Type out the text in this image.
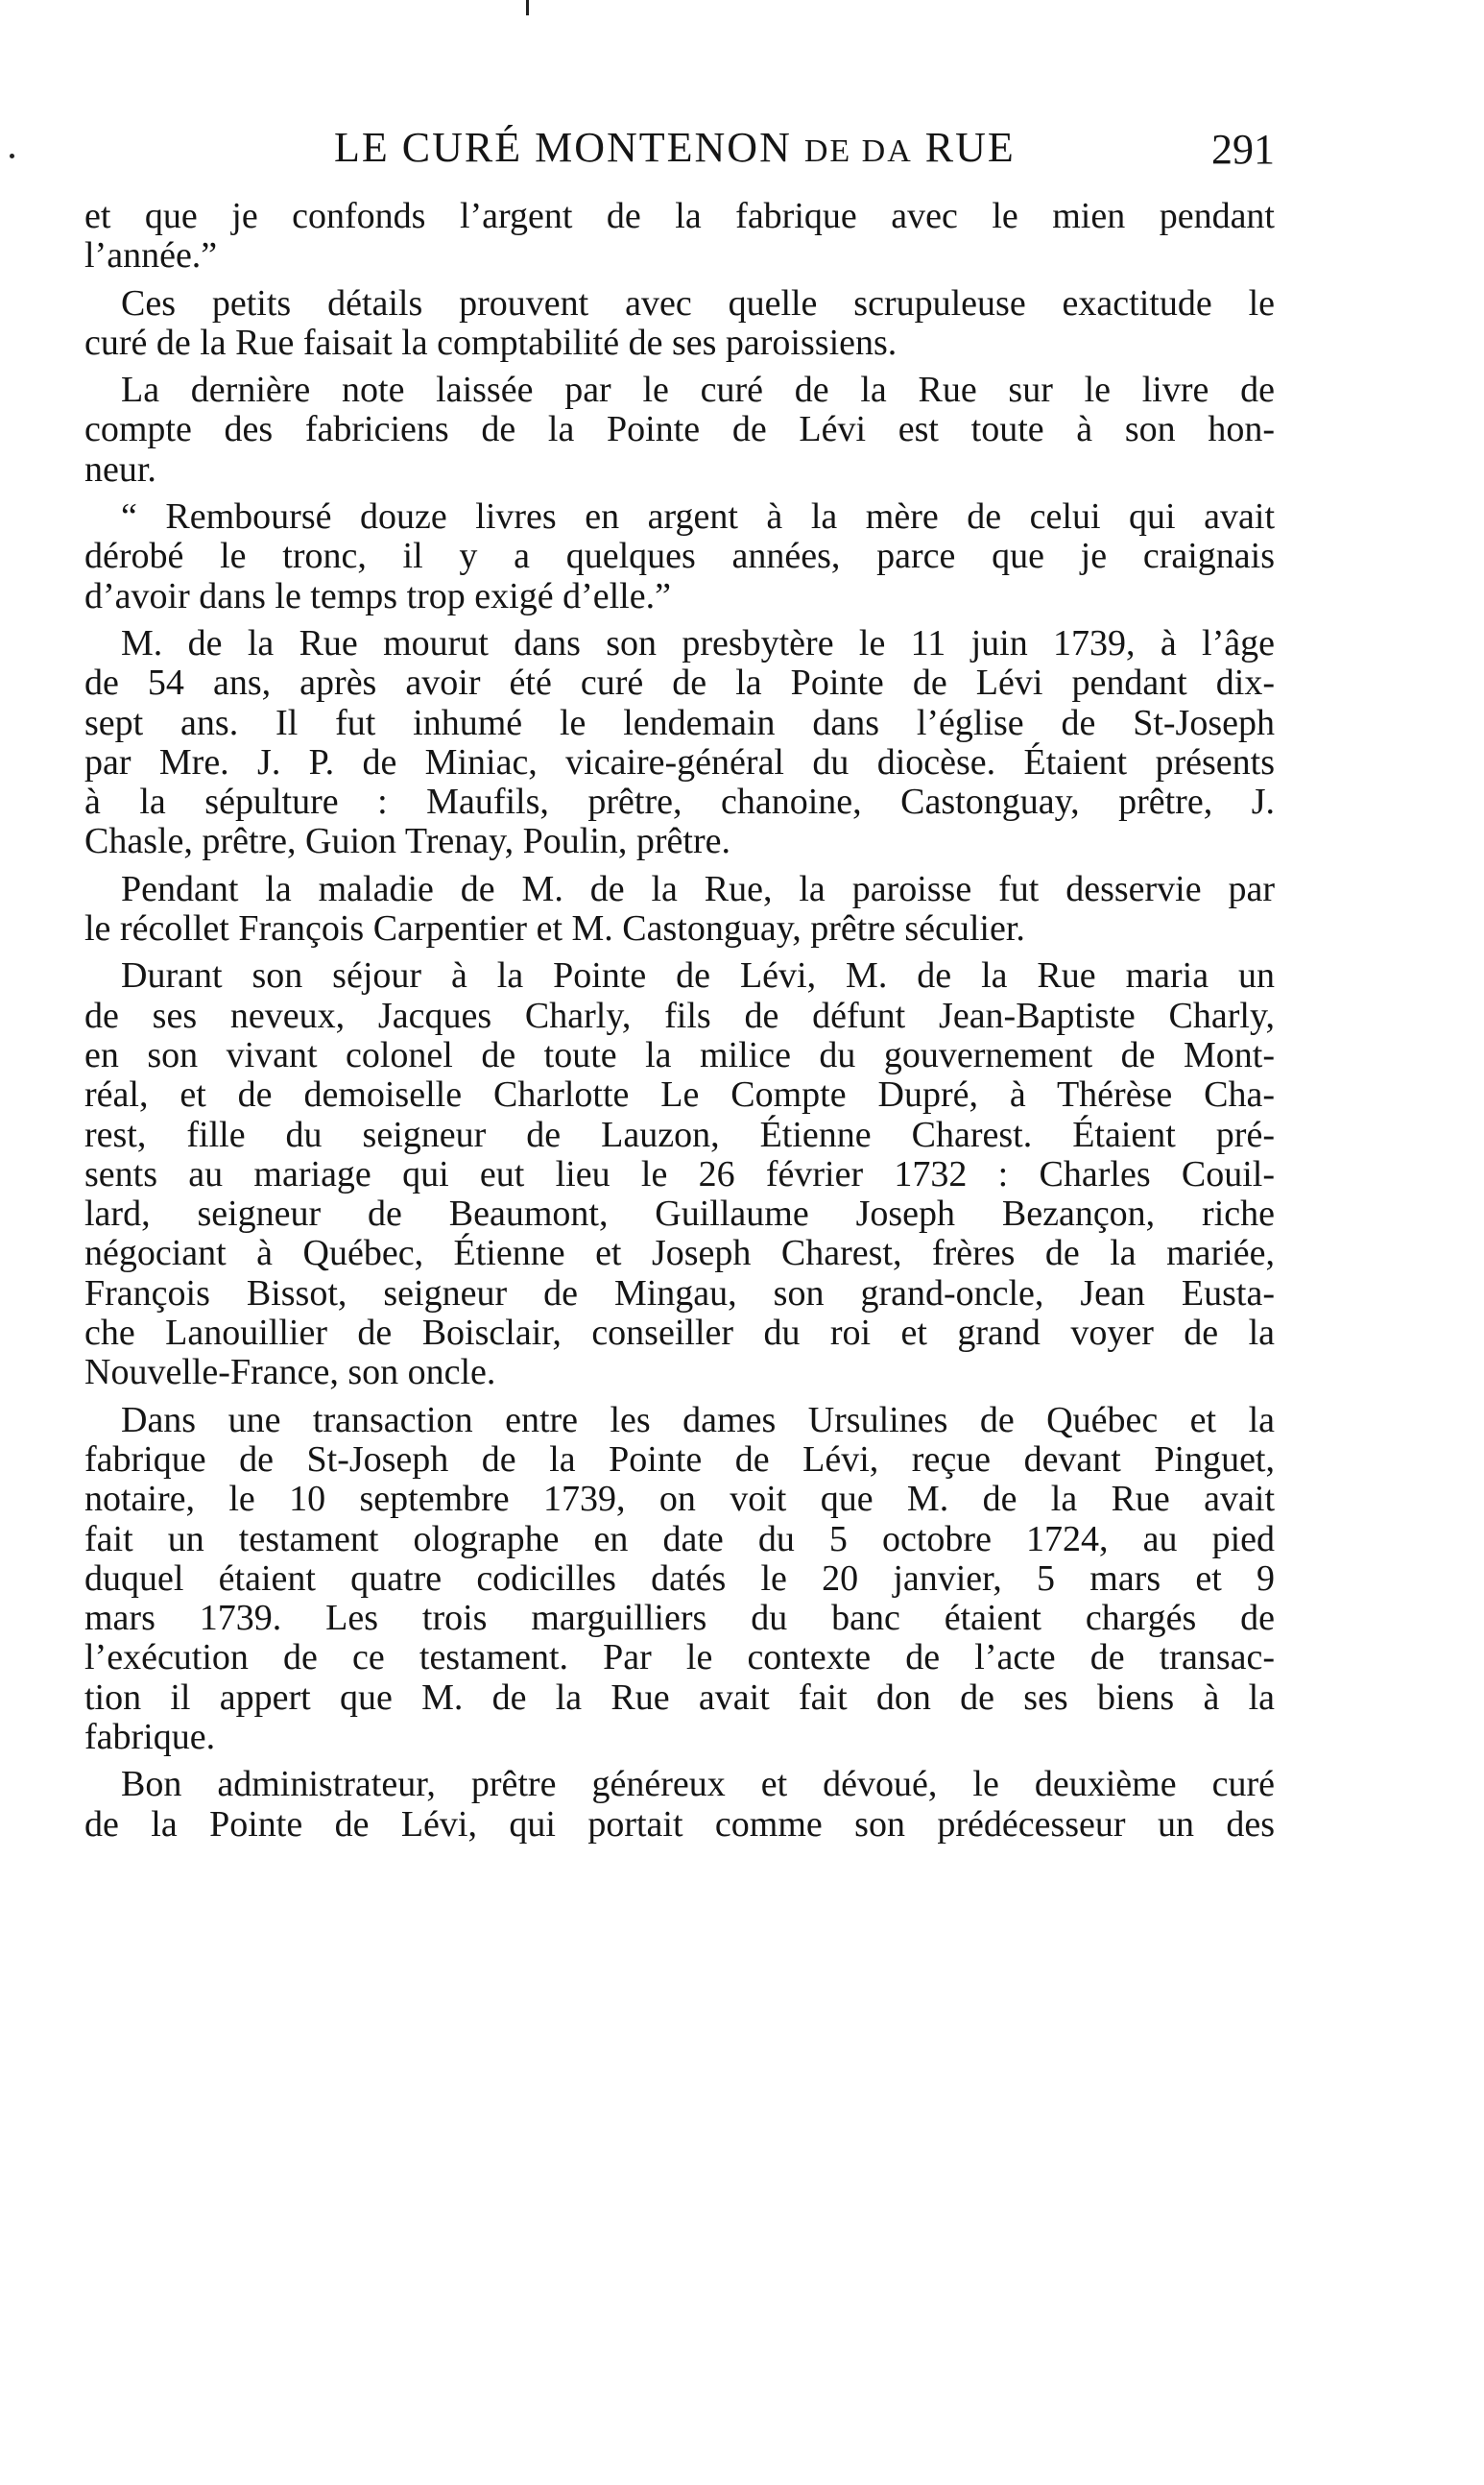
LE CURÉ MONTENON DE DA RUE	291
et que je confonds l’argent de la fabrique avec le mien pendant
l’année.”
Ces petits détails prouvent avec quelle scrupuleuse exactitude le
curé de la Rue faisait la comptabilité de ses paroissiens.
La dernière note laissée par le curé de la Rue sur le livre de
compte des fabriciens de la Pointe de Lévi est toute à son hon-
neur.
“ Remboursé douze livres en argent à la mère de celui qui avait
dérobé le tronc, il y a quelques années, parce que je craignais
d’avoir dans le temps trop exigé d’elle.”
M. de la Rue mourut dans son presbytère le 11 juin 1739, à l’âge
de 54 ans, après avoir été curé de la Pointe de Lévi pendant dix-
sept ans. Il fut inhumé le lendemain dans l’église de St-Joseph
par Mre. J. P. de Miniac, vicaire-général du diocèse. Étaient présents
à la sépulture : Maufils, prêtre, chanoine, Castonguay, prêtre, J.
Chasle, prêtre, Guion Trenay, Poulin, prêtre.
Pendant la maladie de M. de la Rue, la paroisse fut desservie par
le récollet François Carpentier et M. Castonguay, prêtre séculier.
Durant son séjour à la Pointe de Lévi, M. de la Rue maria un
de ses neveux, Jacques Charly, fils de défunt Jean-Baptiste Charly,
en son vivant colonel de toute la milice du gouvernement de Mont-
réal, et de demoiselle Charlotte Le Compte Dupré, à Thérèse Cha-
rest, fille du seigneur de Lauzon, Étienne Charest. Étaient pré-
sents au mariage qui eut lieu le 26 février 1732 : Charles Couil-
lard, seigneur de Beaumont, Guillaume Joseph Bezançon, riche
négociant à Québec, Étienne et Joseph Charest, frères de la mariée,
François Bissot, seigneur de Mingau, son grand-oncle, Jean Eusta-
che Lanouillier de Boisclair, conseiller du roi et grand voyer de la
Nouvelle-France, son oncle.
Dans une transaction entre les dames Ursulines de Québec et la
fabrique de St-Joseph de la Pointe de Lévi, reçue devant Pinguet,
notaire, le 10 septembre 1739, on voit que M. de la Rue avait
fait un testament olographe en date du 5 octobre 1724, au pied
duquel étaient quatre codicilles datés le 20 janvier, 5 mars et 9
mars 1739. Les trois marguilliers du banc étaient chargés de
l’exécution de ce testament. Par le contexte de l’acte de transac-
tion il appert que M. de la Rue avait fait don de ses biens à la
fabrique.
Bon administrateur, prêtre généreux et dévoué, le deuxième curé
de la Pointe de Lévi, qui portait comme son prédécesseur un des
